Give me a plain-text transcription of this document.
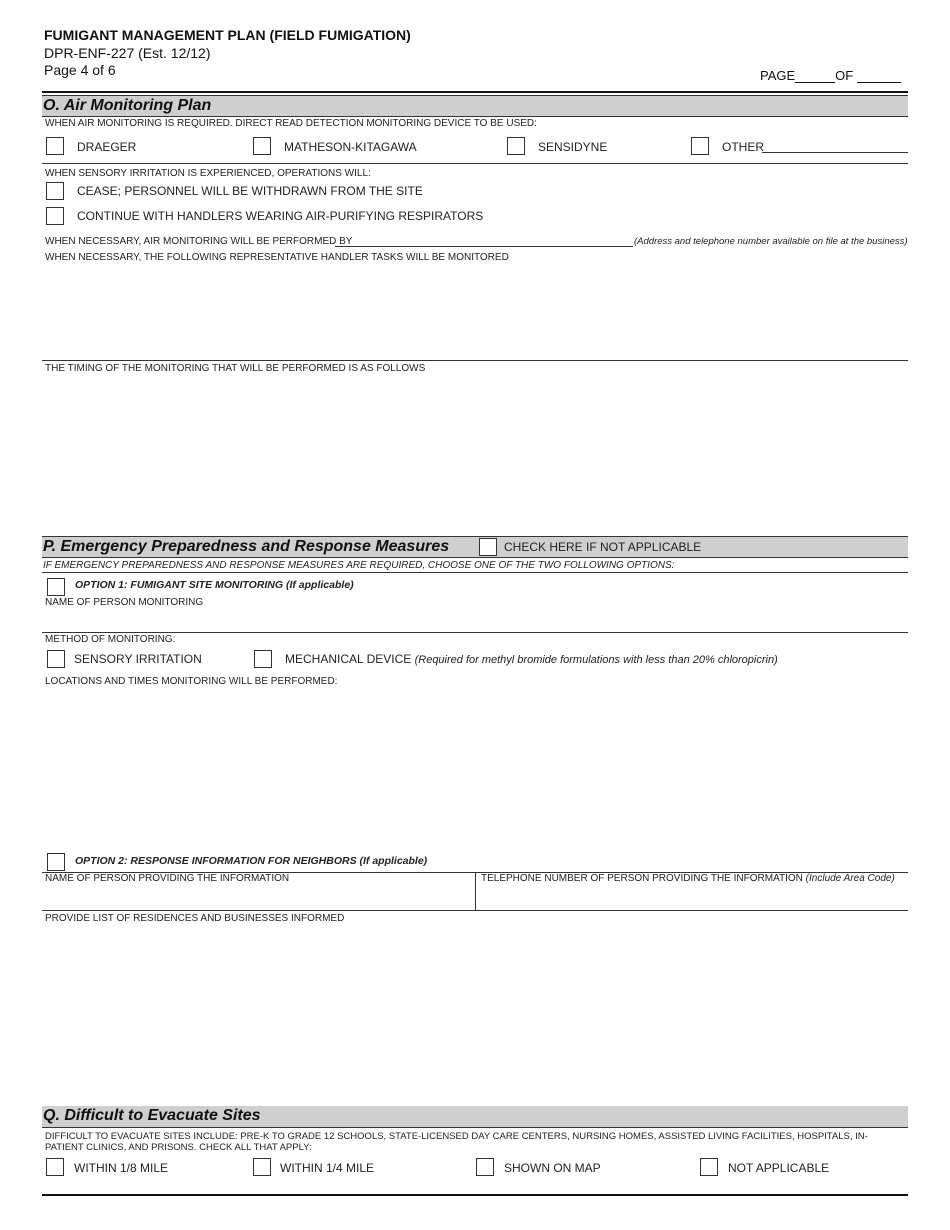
FUMIGANT MANAGEMENT PLAN (FIELD FUMIGATION)
DPR-ENF-227 (Est. 12/12)
Page 4 of 6	PAGE	OF
O. Air Monitoring Plan
WHEN AIR MONITORING IS REQUIRED. DIRECT READ DETECTION MONITORING DEVICE TO BE USED:
DRAEGER	MATHESON-KITAGAWA	SENSIDYNE	OTHER
WHEN SENSORY IRRITATION IS EXPERIENCED, OPERATIONS WILL:
CEASE; PERSONNEL WILL BE WITHDRAWN FROM THE SITE
CONTINUE WITH HANDLERS WEARING AIR-PURIFYING RESPIRATORS
WHEN NECESSARY, AIR MONITORING WILL BE PERFORMED BY	(Address and telephone number available on file at the business)
WHEN NECESSARY, THE FOLLOWING REPRESENTATIVE HANDLER TASKS WILL BE MONITORED
THE TIMING OF THE MONITORING THAT WILL BE PERFORMED IS AS FOLLOWS
P. Emergency Preparedness and Response Measures	CHECK HERE IF NOT APPLICABLE
IF EMERGENCY PREPAREDNESS AND RESPONSE MEASURES ARE REQUIRED, CHOOSE ONE OF THE TWO FOLLOWING OPTIONS:
OPTION 1: FUMIGANT SITE MONITORING (If applicable)
NAME OF PERSON MONITORING
METHOD OF MONITORING:
SENSORY IRRITATION	MECHANICAL DEVICE (Required for methyl bromide formulations with less than 20% chloropicrin)
LOCATIONS AND TIMES MONITORING WILL BE PERFORMED:
OPTION 2: RESPONSE INFORMATION FOR NEIGHBORS (If applicable)
NAME OF PERSON PROVIDING THE INFORMATION	TELEPHONE NUMBER OF PERSON PROVIDING THE INFORMATION (Include Area Code)
PROVIDE LIST OF RESIDENCES AND BUSINESSES INFORMED
Q. Difficult to Evacuate Sites
DIFFICULT TO EVACUATE SITES INCLUDE: PRE-K TO GRADE 12 SCHOOLS, STATE-LICENSED DAY CARE CENTERS, NURSING HOMES, ASSISTED LIVING FACILITIES, HOSPITALS, IN-PATIENT CLINICS, AND PRISONS. CHECK ALL THAT APPLY:
WITHIN 1/8 MILE	WITHIN 1/4 MILE	SHOWN ON MAP	NOT APPLICABLE
